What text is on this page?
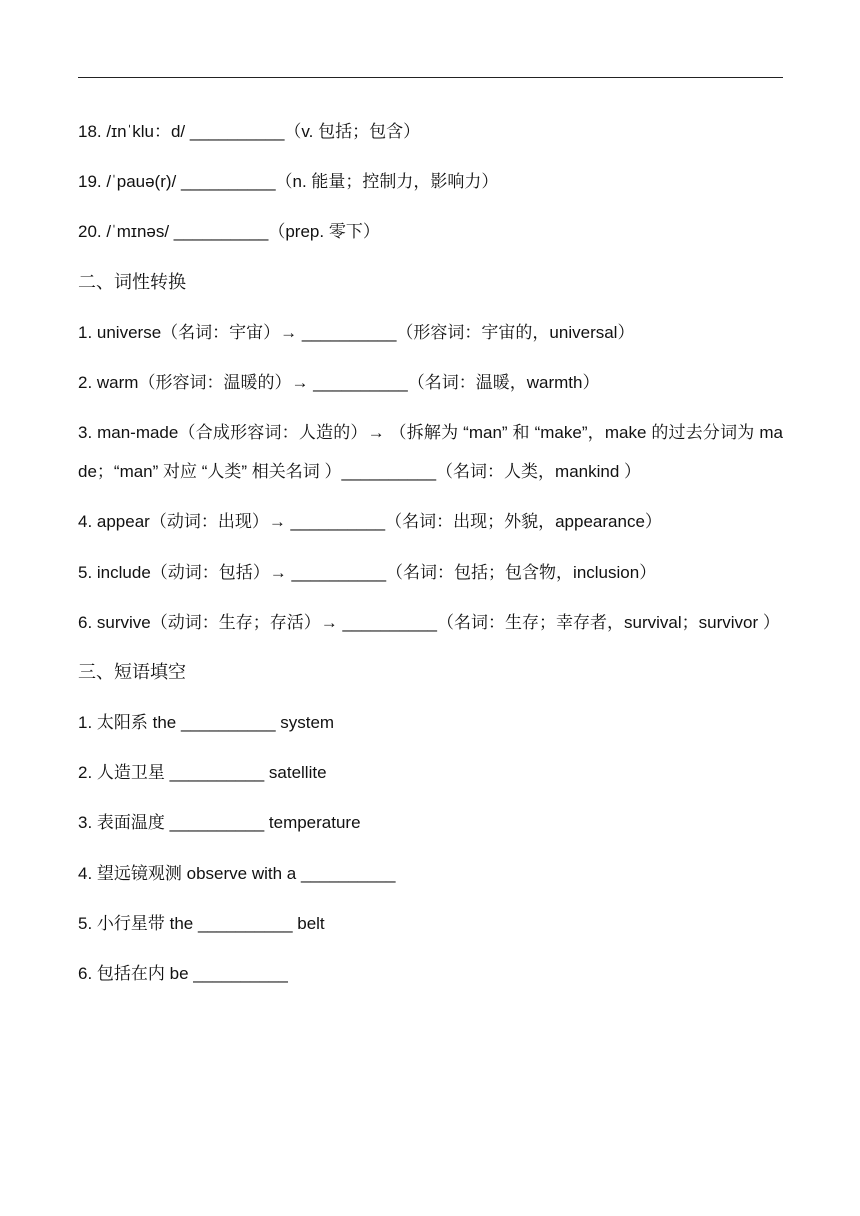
18. /ɪnˈklu：d/ __________（v. 包括；包含）
19. /ˈpauə(r)/ __________（n. 能量；控制力，影响力）
20. /ˈmɪnəs/ __________（prep. 零下）
二、词性转换
1. universe（名词：宇宙）→ __________（形容词：宇宙的，universal）
2. warm（形容词：温暖的）→ __________（名词：温暖，warmth）
3. man-made（合成形容词：人造的）→ （拆解为 “man” 和 “make”，make 的过去分词为 made；“man” 对应 “人类” 相关名词 ）__________（名词：人类，mankind ）
4. appear（动词：出现）→ __________（名词：出现；外貌，appearance）
5. include（动词：包括）→ __________（名词：包括；包含物，inclusion）
6. survive（动词：生存；存活）→ __________（名词：生存；幸存者，survival；survivor ）
三、短语填空
1. 太阳系 the __________ system
2. 人造卫星 __________ satellite
3. 表面温度 __________ temperature
4. 望远镜观测 observe with a __________
5. 小行星带 the __________ belt
6. 包括在内 be __________
